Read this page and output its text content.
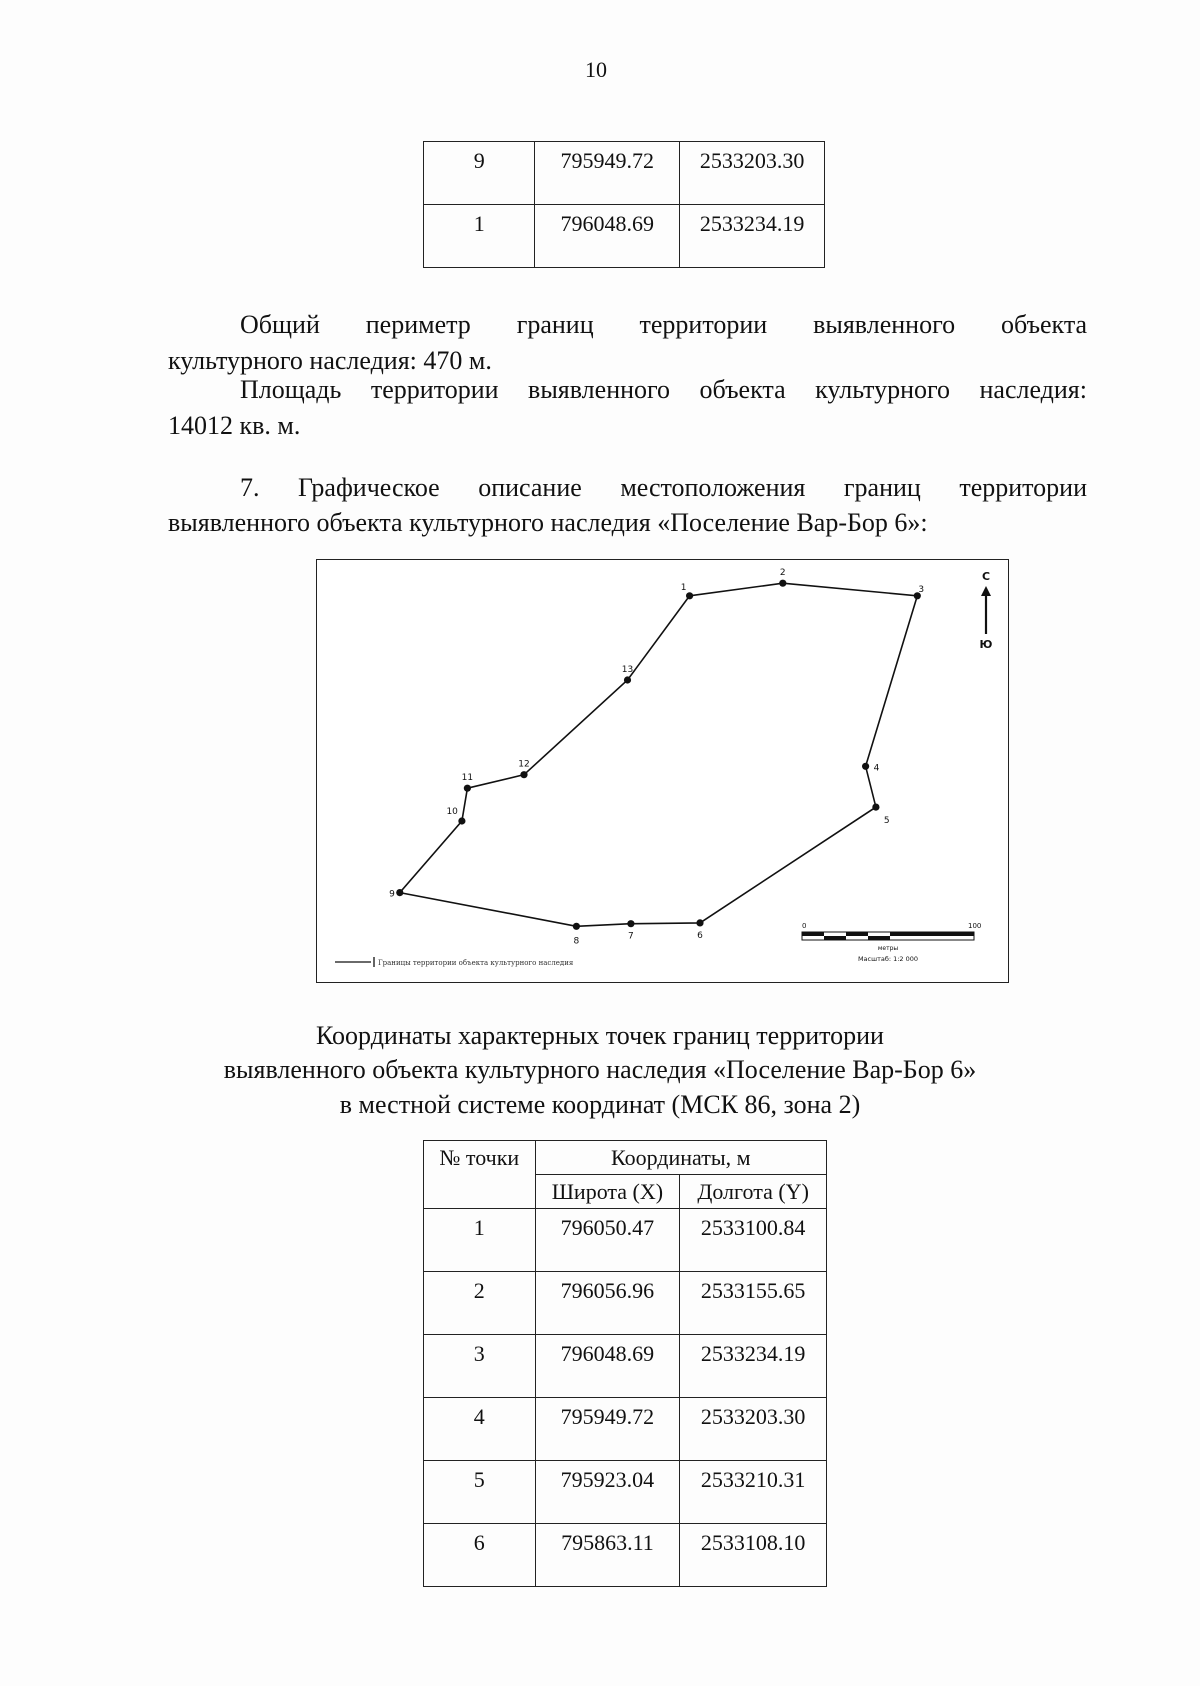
10
9	795949.72	2533203.30
1	796048.69	2533234.19
Общий периметр границ территории выявленного объекта
культурного наследия: 470 м.
Площадь территории выявленного объекта культурного наследия:
14012 кв. м.
7. Графическое описание местоположения границ территории
выявленного объекта культурного наследия «Поселение Вар-Бор 6»:
1
2
3
4
5
6
7
8
9
10
11
12
13
С
Ю
Границы территории объекта культурного наследия
0	100
метры
Масштаб: 1:2 000
Координаты характерных точек границ территории
выявленного объекта культурного наследия «Поселение Вар-Бор 6»
в местной системе координат (МСК 86, зона 2)
№ точки	Координаты, м	
	Широта (X)	Долгота (Y)
1	796050.47	2533100.84
2	796056.96	2533155.65
3	796048.69	2533234.19
4	795949.72	2533203.30
5	795923.04	2533210.31
6	795863.11	2533108.10
